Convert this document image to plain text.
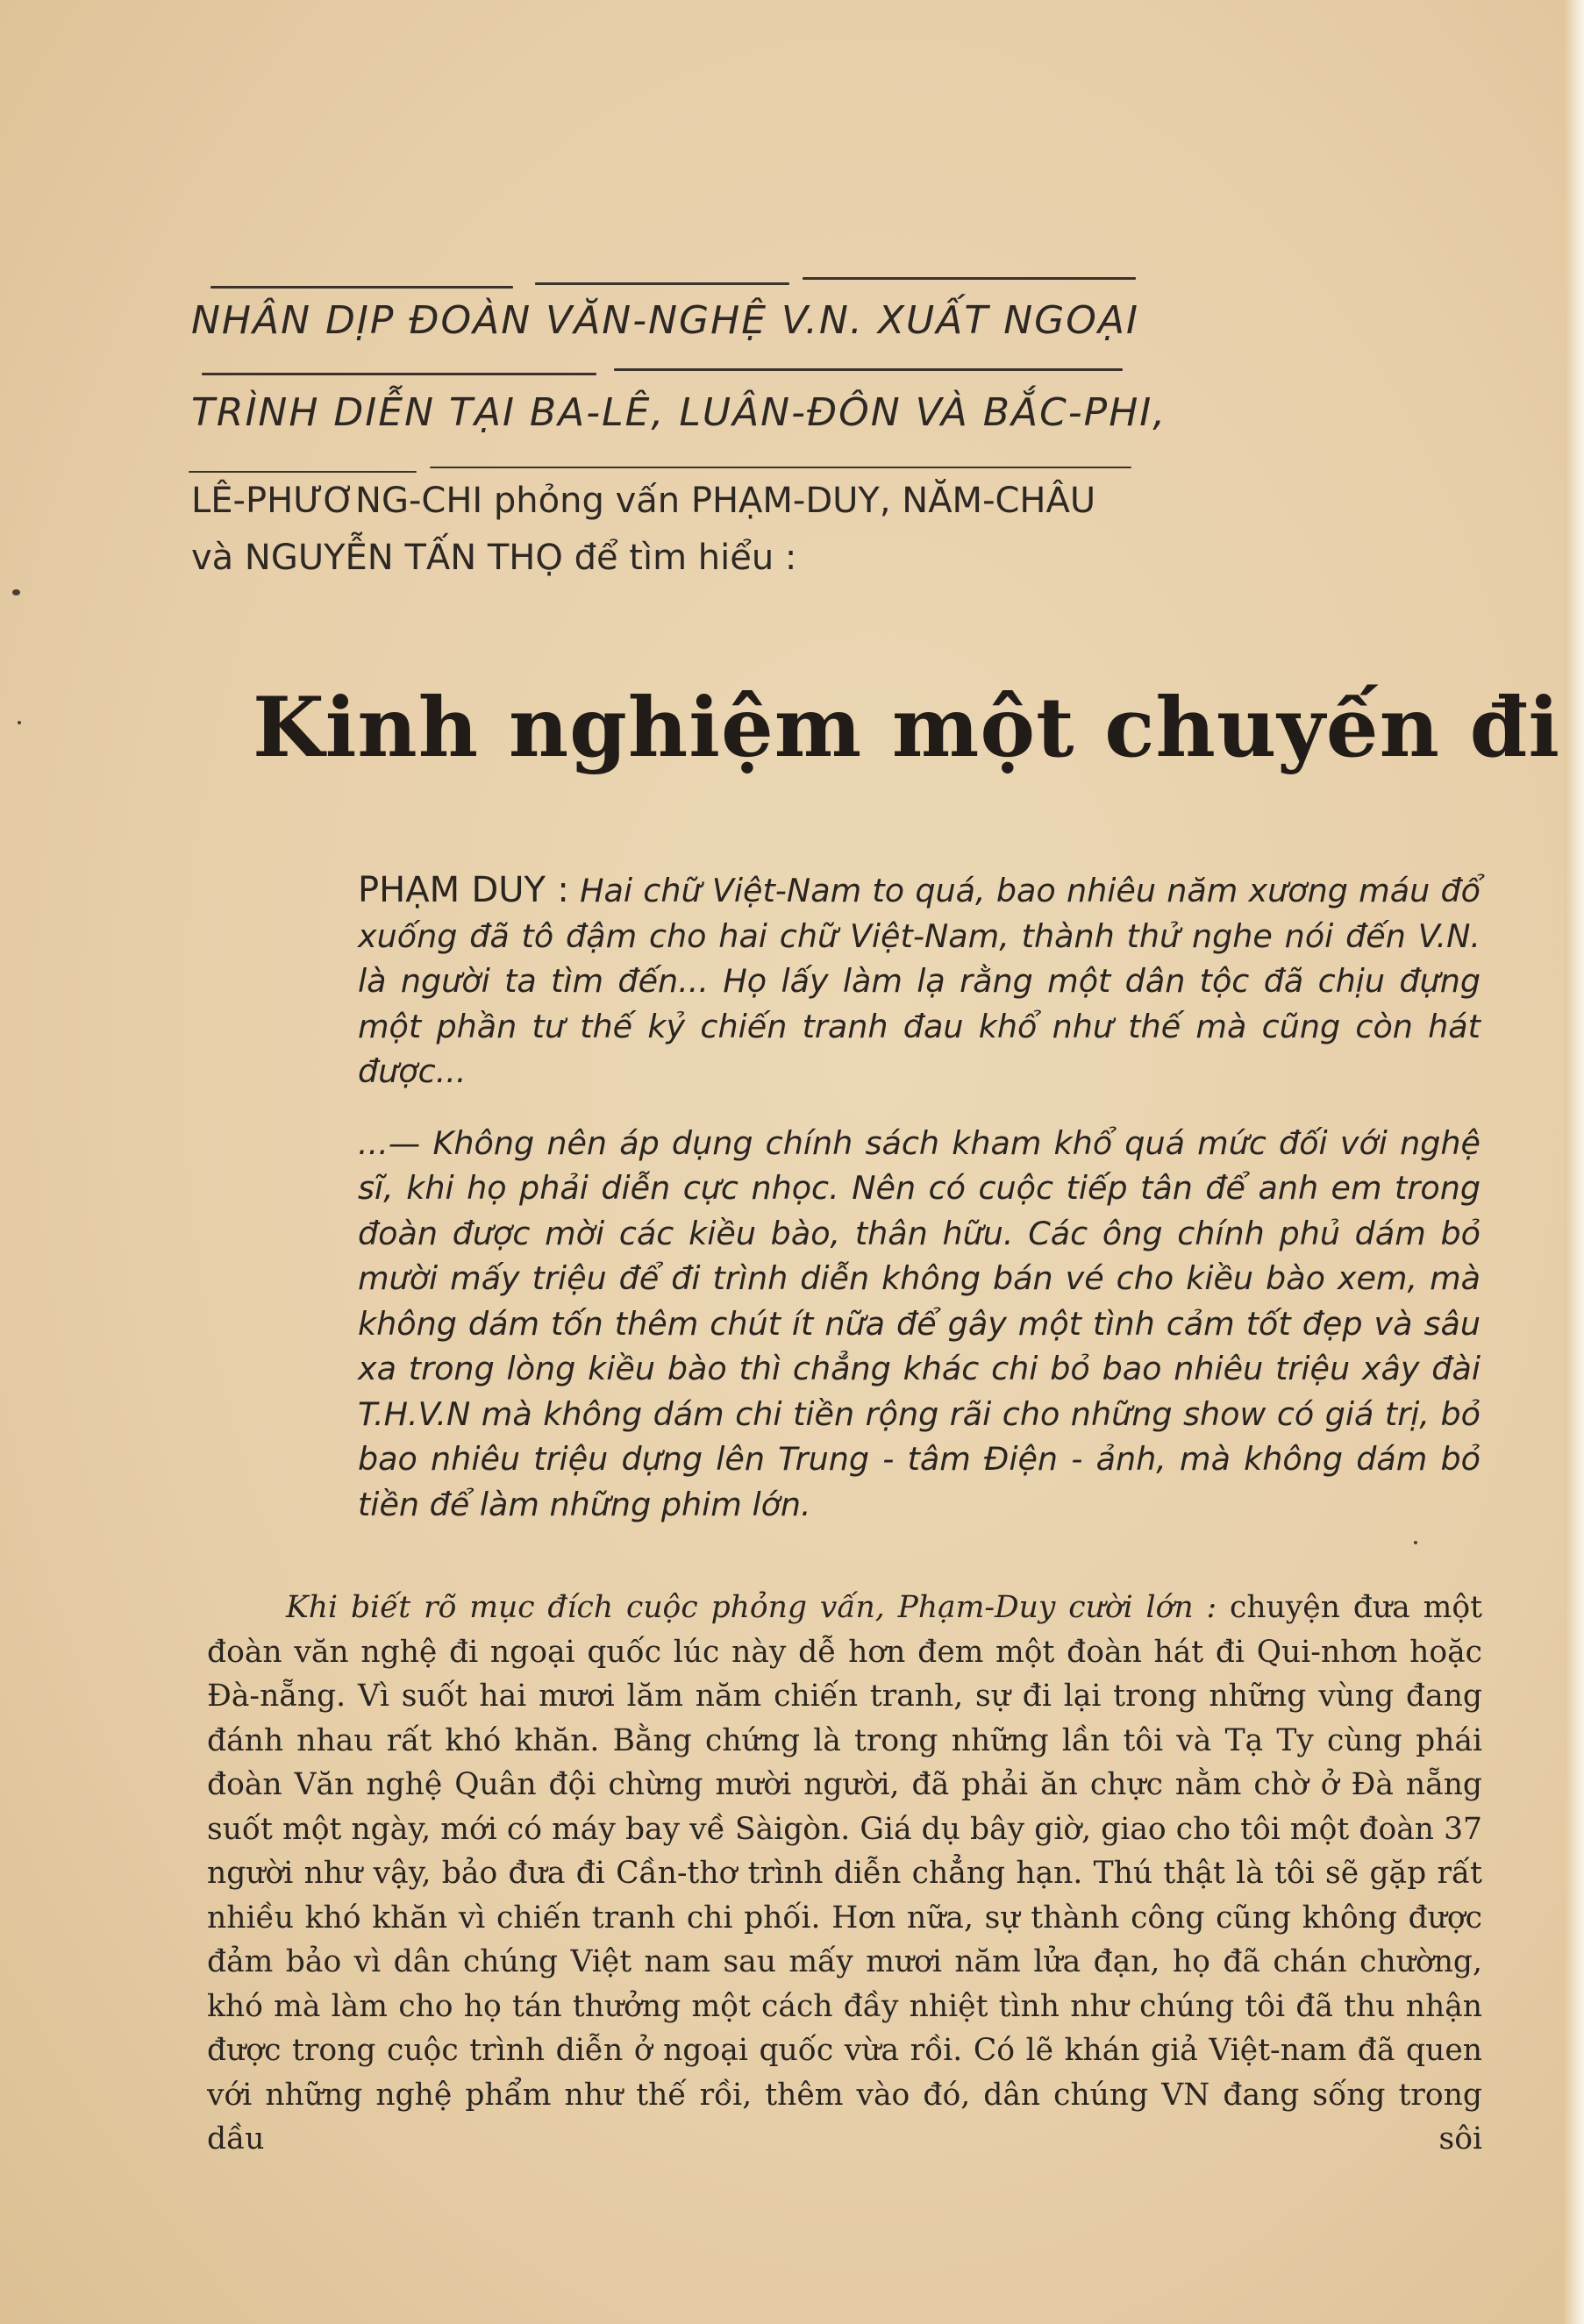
NHÂN DỊP ĐOÀN VĂN-NGHỆ V.N. XUẤT NGOẠI
TRÌNH DIỄN TẠI BA-LÊ, LUÂN-ĐÔN VÀ BẮC-PHI,
LÊ-PHƯƠNG-CHI phỏng vấn PHẠM-DUY, NĂM-CHÂU
và NGUYỄN TẤN THỌ để tìm hiểu :
Kinh nghiệm một chuyến đi

PHẠM DUY : Hai chữ Việt-Nam to quá, bao nhiêu năm xương máu đổ xuống đã tô đậm cho hai chữ Việt-Nam, thành thử nghe nói đến V.N. là người ta tìm đến... Họ lấy làm lạ rằng một dân tộc đã chịu đựng một phần tư thế kỷ chiến tranh đau khổ như thế mà cũng còn hát được...

...— Không nên áp dụng chính sách kham khổ quá mức đối với nghệ sĩ, khi họ phải diễn cực nhọc. Nên có cuộc tiếp tân để anh em trong đoàn được mời các kiều bào, thân hữu. Các ông chính phủ dám bỏ mười mấy triệu để đi trình diễn không bán vé cho kiều bào xem, mà không dám tốn thêm chút ít nữa để gây một tình cảm tốt đẹp và sâu xa trong lòng kiều bào thì chẳng khác chi bỏ bao nhiêu triệu xây đài T.H.V.N mà không dám chi tiền rộng rãi cho những show có giá trị, bỏ bao nhiêu triệu dựng lên Trung - tâm Điện - ảnh, mà không dám bỏ tiền để làm những phim lớn.

Khi biết rõ mục đích cuộc phỏng vấn, Phạm-Duy cười lớn : chuyện đưa một đoàn văn nghệ đi ngoại quốc lúc này dễ hơn đem một đoàn hát đi Qui-nhơn hoặc Đà-nẵng. Vì suốt hai mươi lăm năm chiến tranh, sự đi lại trong những vùng đang đánh nhau rất khó khăn. Bằng chứng là trong những lần tôi và Tạ Ty cùng phái đoàn Văn nghệ Quân đội chừng mười người, đã phải ăn chực nằm chờ ở Đà nẵng suốt một ngày, mới có máy bay về Sàigòn. Giá dụ bây giờ, giao cho tôi một đoàn 37 người như vậy, bảo đưa đi Cần-thơ trình diễn chẳng hạn. Thú thật là tôi sẽ gặp rất nhiều khó khăn vì chiến tranh chi phối. Hơn nữa, sự thành công cũng không được đảm bảo vì dân chúng Việt nam sau mấy mươi năm lửa đạn, họ đã chán chường, khó mà làm cho họ tán thưởng một cách đầy nhiệt tình như chúng tôi đã thu nhận được trong cuộc trình diễn ở ngoại quốc vừa rồi. Có lẽ khán giả Việt-nam đã quen với những nghệ phẩm như thế rồi, thêm vào đó, dân chúng VN đang sống trong dầu sôi
